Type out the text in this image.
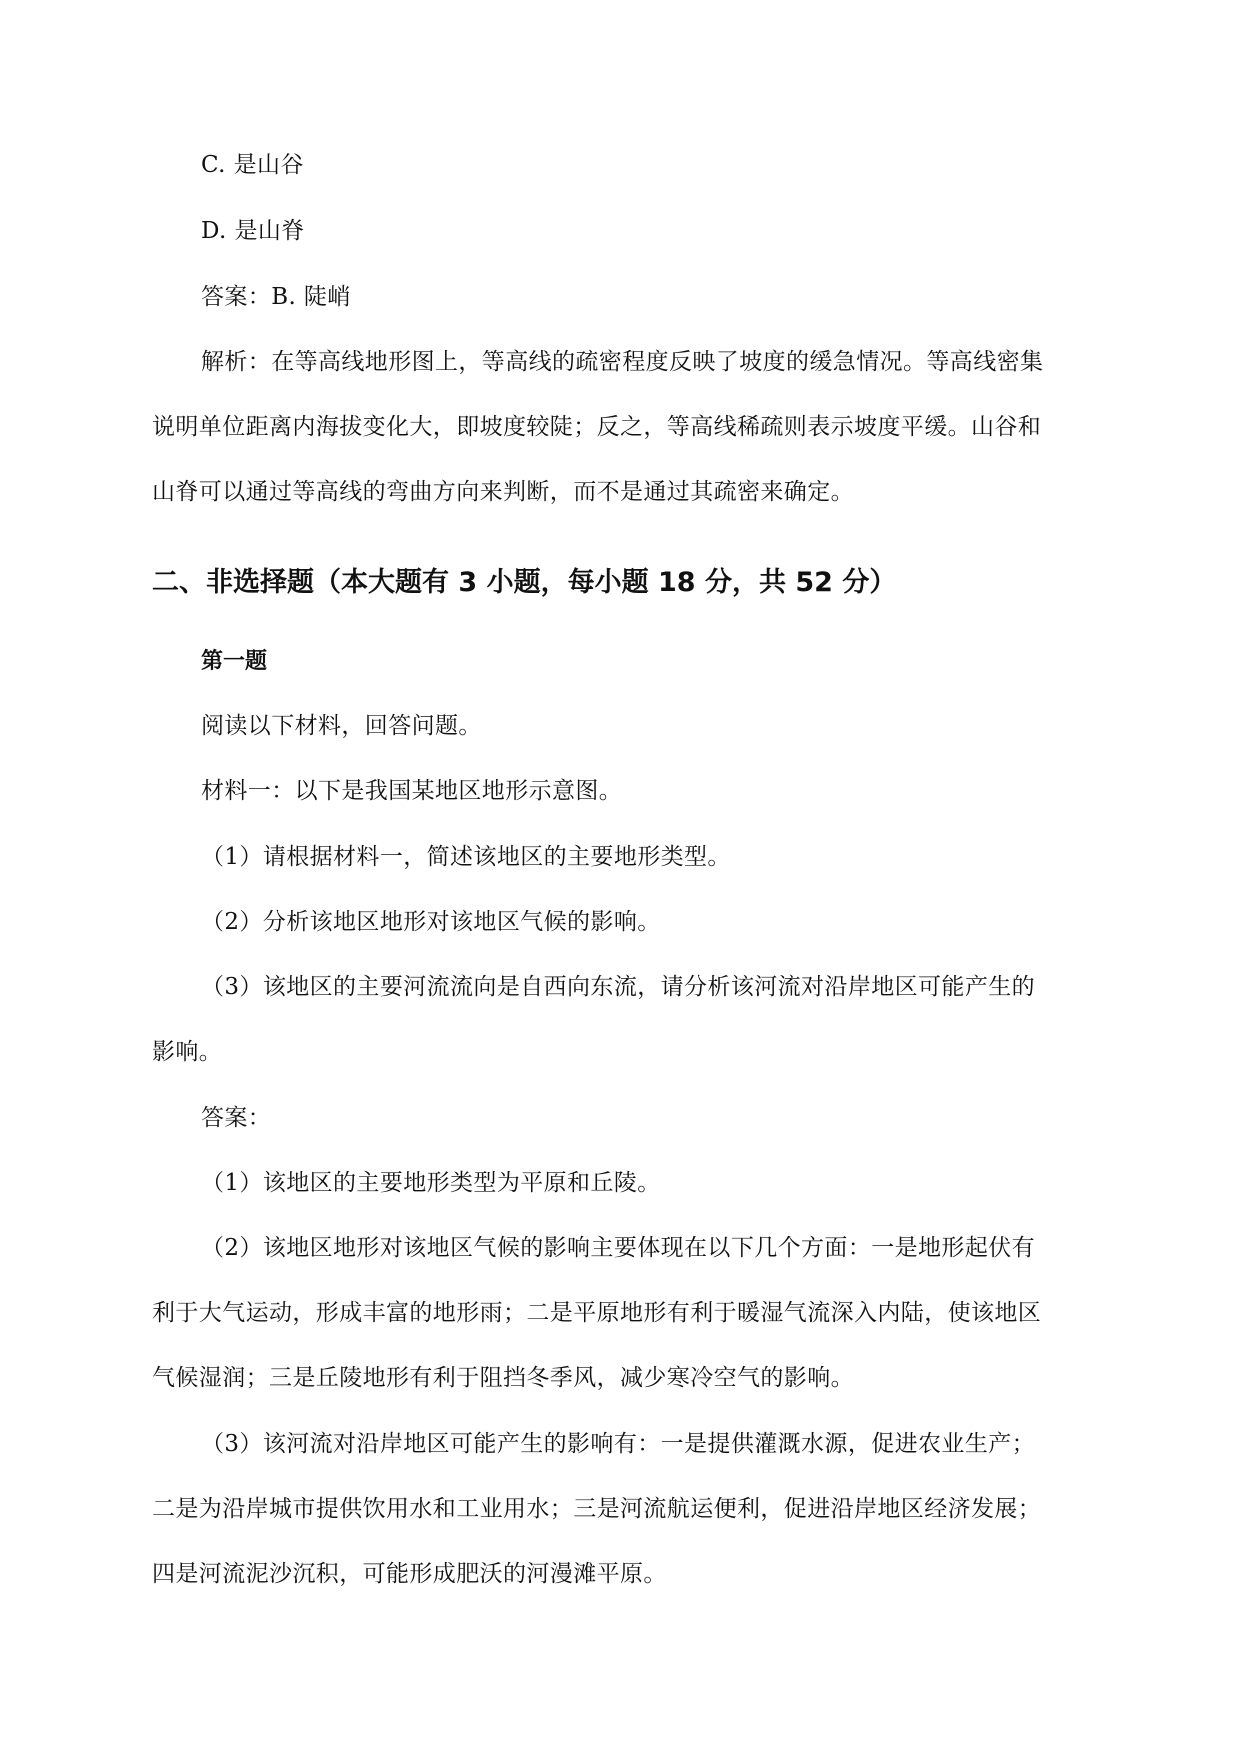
C. 是山谷
D. 是山脊
答案：B. 陡峭
解析：在等高线地形图上，等高线的疏密程度反映了坡度的缓急情况。等高线密集
说明单位距离内海拔变化大，即坡度较陡；反之，等高线稀疏则表示坡度平缓。山谷和
山脊可以通过等高线的弯曲方向来判断，而不是通过其疏密来确定。
二、非选择题（本大题有 3 小题，每小题 18 分，共 52 分）
第一题
阅读以下材料，回答问题。
材料一：以下是我国某地区地形示意图。
（1）请根据材料一，简述该地区的主要地形类型。
（2）分析该地区地形对该地区气候的影响。
（3）该地区的主要河流流向是自西向东流，请分析该河流对沿岸地区可能产生的
影响。
答案：
（1）该地区的主要地形类型为平原和丘陵。
（2）该地区地形对该地区气候的影响主要体现在以下几个方面：一是地形起伏有
利于大气运动，形成丰富的地形雨；二是平原地形有利于暖湿气流深入内陆，使该地区
气候湿润；三是丘陵地形有利于阻挡冬季风，减少寒冷空气的影响。
（3）该河流对沿岸地区可能产生的影响有：一是提供灌溉水源，促进农业生产；
二是为沿岸城市提供饮用水和工业用水；三是河流航运便利，促进沿岸地区经济发展；
四是河流泥沙沉积，可能形成肥沃的河漫滩平原。
